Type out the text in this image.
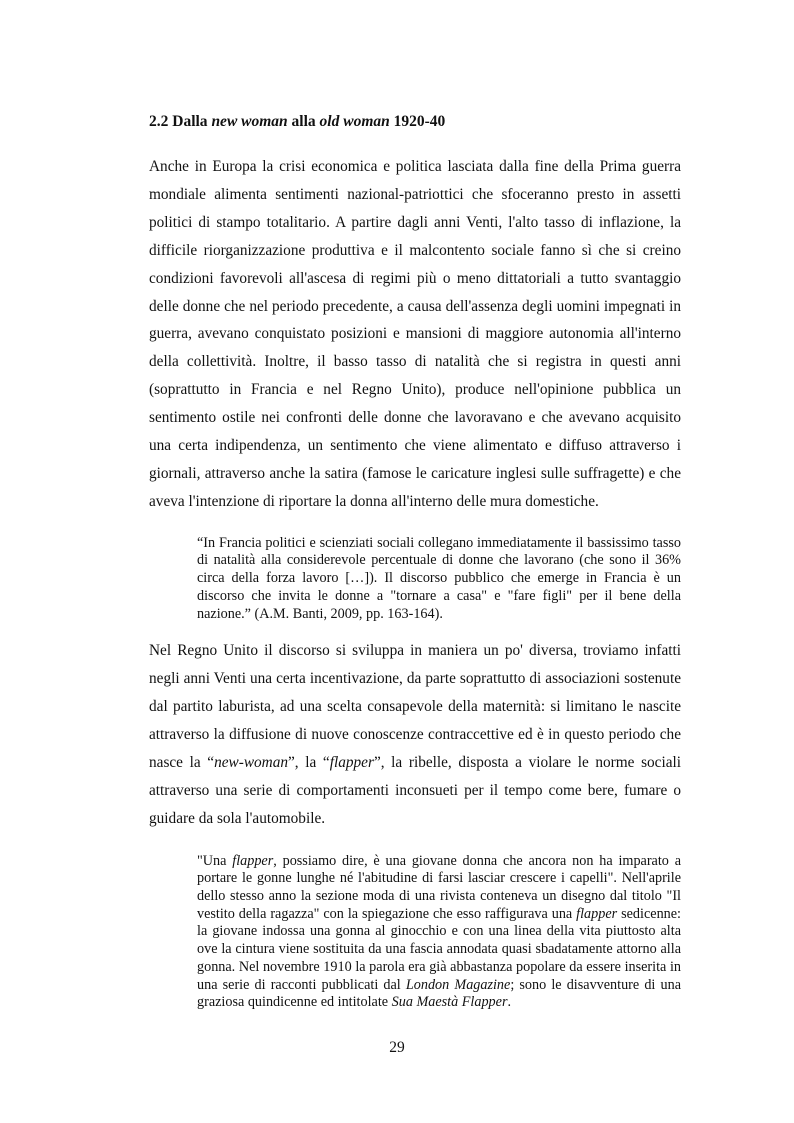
2.2 Dalla new woman alla old woman 1920-40

Anche in Europa la crisi economica e politica lasciata dalla fine della Prima guerra mondiale alimenta sentimenti nazional-patriottici che sfoceranno presto in assetti politici di stampo totalitario. A partire dagli anni Venti, l'alto tasso di inflazione, la difficile riorganizzazione produttiva e il malcontento sociale fanno sì che si creino condizioni favorevoli all'ascesa di regimi più o meno dittatoriali a tutto svantaggio delle donne che nel periodo precedente, a causa dell'assenza degli uomini impegnati in guerra, avevano conquistato posizioni e mansioni di maggiore autonomia all'interno della collettività. Inoltre, il basso tasso di natalità che si registra in questi anni (soprattutto in Francia e nel Regno Unito), produce nell'opinione pubblica un sentimento ostile nei confronti delle donne che lavoravano e che avevano acquisito una certa indipendenza, un sentimento che viene alimentato e diffuso attraverso i giornali, attraverso anche la satira (famose le caricature inglesi sulle suffragette) e che aveva l'intenzione di riportare la donna all'interno delle mura domestiche.

“In Francia politici e scienziati sociali collegano immediatamente il bassissimo tasso di natalità alla considerevole percentuale di donne che lavorano (che sono il 36% circa della forza lavoro […]). Il discorso pubblico che emerge in Francia è un discorso che invita le donne a "tornare a casa" e "fare figli" per il bene della nazione.” (A.M. Banti, 2009, pp. 163-164).

Nel Regno Unito il discorso si sviluppa in maniera un po' diversa, troviamo infatti negli anni Venti una certa incentivazione, da parte soprattutto di associazioni sostenute dal partito laburista, ad una scelta consapevole della maternità: si limitano le nascite attraverso la diffusione di nuove conoscenze contraccettive ed è in questo periodo che nasce la “new-woman”, la “flapper”, la ribelle, disposta a violare le norme sociali attraverso una serie di comportamenti inconsueti per il tempo come bere, fumare o guidare da sola l'automobile.

"Una flapper, possiamo dire, è una giovane donna che ancora non ha imparato a portare le gonne lunghe né l'abitudine di farsi lasciar crescere i capelli". Nell'aprile dello stesso anno la sezione moda di una rivista conteneva un disegno dal titolo "Il vestito della ragazza" con la spiegazione che esso raffigurava una flapper sedicenne: la giovane indossa una gonna al ginocchio e con una linea della vita piuttosto alta ove la cintura viene sostituita da una fascia annodata quasi sbadatamente attorno alla gonna. Nel novembre 1910 la parola era già abbastanza popolare da essere inserita in una serie di racconti pubblicati dal London Magazine; sono le disavventure di una graziosa quindicenne ed intitolate Sua Maestà Flapper.
29
